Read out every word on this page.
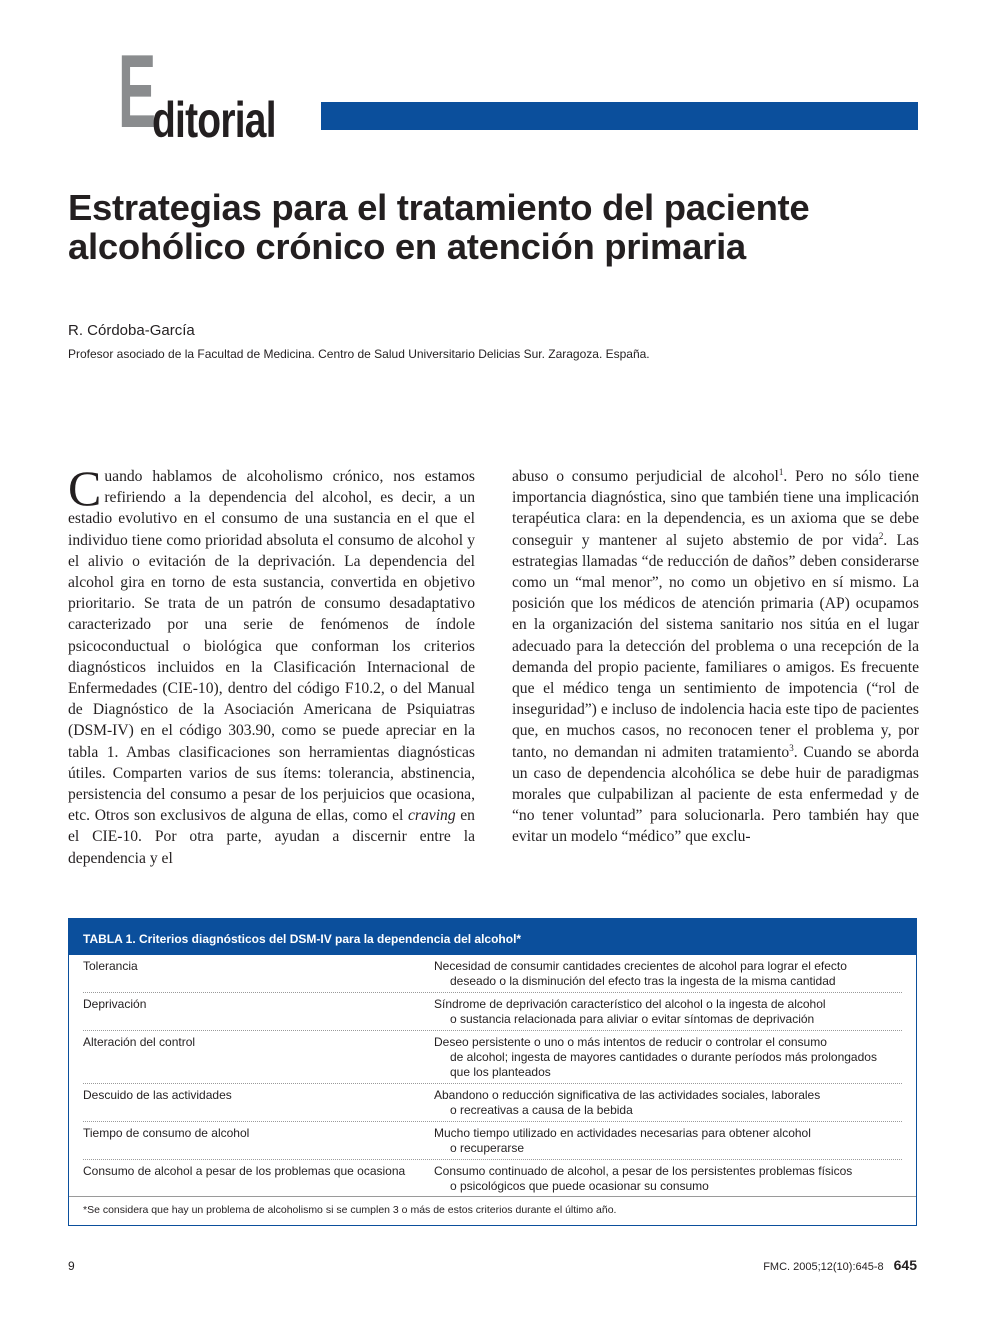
E
ditorial
Estrategias para el tratamiento del paciente
alcohólico crónico en atención primaria
R. Córdoba-García
Profesor asociado de la Facultad de Medicina. Centro de Salud Universitario Delicias Sur. Zaragoza. España.

Cuando hablamos de alcoholismo crónico, nos estamos refiriendo a la dependencia del alcohol, es decir, a un estadio evolutivo en el consumo de una sustancia en el que el individuo tiene como prioridad absoluta el consumo de alcohol y el alivio o evitación de la deprivación. La dependencia del alcohol gira en torno de esta sustancia, convertida en objetivo prioritario. Se trata de un patrón de consumo desadaptativo caracterizado por una serie de fenómenos de índole psicoconductual o biológica que conforman los criterios diagnósticos incluidos en la Clasificación Internacional de Enfermedades (CIE-10), dentro del código F10.2, o del Manual de Diagnóstico de la Asociación Americana de Psiquiatras (DSM-IV) en el código 303.90, como se puede apreciar en la tabla 1. Ambas clasificaciones son herramientas diagnósticas útiles. Comparten varios de sus ítems: tolerancia, abstinencia, persistencia del consumo a pesar de los perjuicios que ocasiona, etc. Otros son exclusivos de alguna de ellas, como el craving en el CIE-10. Por otra parte, ayudan a discernir entre la dependencia y el

abuso o consumo perjudicial de alcohol$^1$. Pero no sólo tiene importancia diagnóstica, sino que también tiene una implicación terapéutica clara: en la dependencia, es un axioma que se debe conseguir y mantener al sujeto abstemio de por vida$^2$. Las estrategias llamadas “de reducción de daños” deben considerarse como un “mal menor”, no como un objetivo en sí mismo. La posición que los médicos de atención primaria (AP) ocupamos en la organización del sistema sanitario nos sitúa en el lugar adecuado para la detección del problema o una recepción de la demanda del propio paciente, familiares o amigos. Es frecuente que el médico tenga un sentimiento de impotencia (“rol de inseguridad”) e incluso de indolencia hacia este tipo de pacientes que, en muchos casos, no reconocen tener el problema y, por tanto, no demandan ni admiten tratamiento$^3$. Cuando se aborda un caso de dependencia alcohólica se debe huir de paradigmas morales que culpabilizan al paciente de esta enfermedad y de “no tener voluntad” para solucionarla. Pero también hay que evitar un modelo “médico” que exclu-

TABLA 1. Criterios diagnósticos del DSM-IV para la dependencia del alcohol*
Tolerancia	Necesidad de consumir cantidades crecientes de alcohol para lograr el efecto
deseado o la disminución del efecto tras la ingesta de la misma cantidad
Deprivación	Síndrome de deprivación característico del alcohol o la ingesta de alcohol
o sustancia relacionada para aliviar o evitar síntomas de deprivación
Alteración del control	Deseo persistente o uno o más intentos de reducir o controlar el consumo
de alcohol; ingesta de mayores cantidades o durante períodos más prolongados
que los planteados
Descuido de las actividades	Abandono o reducción significativa de las actividades sociales, laborales
o recreativas a causa de la bebida
Tiempo de consumo de alcohol	Mucho tiempo utilizado en actividades necesarias para obtener alcohol
o recuperarse
Consumo de alcohol a pesar de los problemas que ocasiona	Consumo continuado de alcohol, a pesar de los persistentes problemas físicos
o psicológicos que puede ocasionar su consumo
*Se considera que hay un problema de alcoholismo si se cumplen 3 o más de estos criterios durante el último año.
9	FMC. 2005;12(10):645-8 645
